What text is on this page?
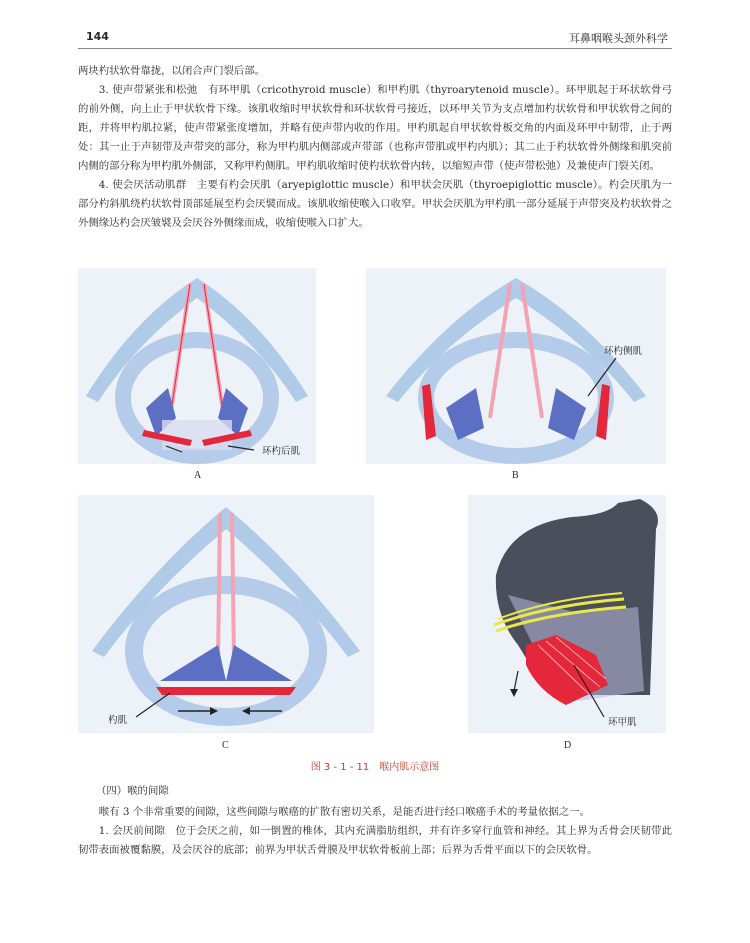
144	耳鼻咽喉头颈外科学

两块杓状软骨靠拢，以闭合声门裂后部。

3. 使声带紧张和松弛　有环甲肌（cricothyroid muscle）和甲杓肌（thyroarytenoid muscle）。环甲肌起于环状软骨弓的前外侧，向上止于甲状软骨下缘。该肌收缩时甲状软骨和环状软骨弓接近，以环甲关节为支点增加杓状软骨和甲状软骨之间的距，并将甲杓肌拉紧，使声带紧张度增加，并略有使声带内收的作用。甲杓肌起自甲状软骨板交角的内面及环甲中韧带，止于两处：其一止于声韧带及声带突的部分，称为甲杓肌内侧部或声带部（也称声带肌或甲杓内肌）；其二止于杓状软骨外侧缘和肌突前内侧的部分称为甲杓肌外侧部，又称甲杓侧肌。甲杓肌收缩时使杓状软骨内转，以缩短声带（使声带松弛）及兼使声门裂关闭。

4. 使会厌活动肌群　主要有杓会厌肌（aryepiglottic muscle）和甲状会厌肌（thyroepiglottic muscle）。杓会厌肌为一部分杓斜肌绕杓状软骨顶部延展至杓会厌襞而成。该肌收缩使喉入口收窄。甲状会厌肌为甲杓肌一部分延展于声带突及杓状软骨之外侧缘达杓会厌皱襞及会厌谷外侧缘而成，收缩使喉入口扩大。

环杓后肌
A
环杓侧肌
B
杓肌
C
环甲肌
D
图 3 - 1 - 11　喉内肌示意图
（四）喉的间隙

喉有 3 个非常重要的间隙，这些间隙与喉癌的扩散有密切关系，是能否进行经口喉癌手术的考量依据之一。

1. 会厌前间隙　位于会厌之前，如一倒置的椎体，其内充满脂肪组织，并有许多穿行血管和神经。其上界为舌骨会厌韧带此韧带表面被覆黏膜，及会厌谷的底部；前界为甲状舌骨膜及甲状软骨板前上部；后界为舌骨平面以下的会厌软骨。
